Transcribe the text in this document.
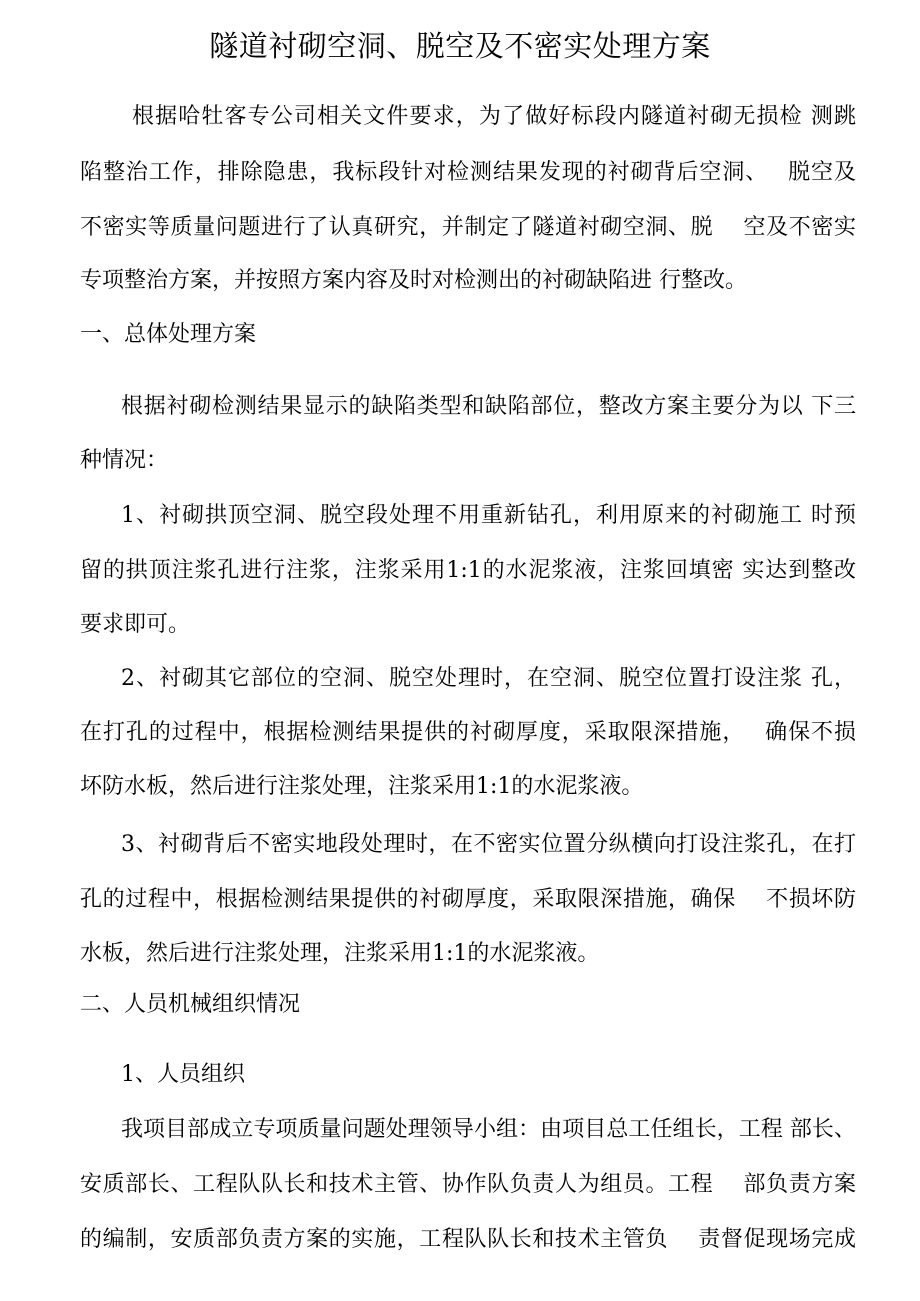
隧道衬砌空洞、脱空及不密实处理方案
根据哈牡客专公司相关文件要求，为了做好标段内隧道衬砌无损检 测跳
陷整治工作，排除隐患，我标段针对检测结果发现的衬砌背后空洞、　 脱空及
不密实等质量问题进行了认真研究，并制定了隧道衬砌空洞、脱　 空及不密实
专项整治方案，并按照方案内容及时对检测出的衬砌缺陷进 行整改。
一、总体处理方案
根据衬砌检测结果显示的缺陷类型和缺陷部位，整改方案主要分为以 下三
种情况：
1、衬砌拱顶空洞、脱空段处理不用重新钻孔，利用原来的衬砌施工 时预
留的拱顶注浆孔进行注浆，注浆采用1:1的水泥浆液，注浆回填密 实达到整改
要求即可。
2、衬砌其它部位的空洞、脱空处理时，在空洞、脱空位置打设注浆 孔，
在打孔的过程中，根据检测结果提供的衬砌厚度，采取限深措施，　 确保不损
坏防水板，然后进行注浆处理，注浆采用1:1的水泥浆液。
3、衬砌背后不密实地段处理时，在不密实位置分纵横向打设注浆孔，在打
孔的过程中，根据检测结果提供的衬砌厚度，采取限深措施，确保　 不损坏防
水板，然后进行注浆处理，注浆采用1:1的水泥浆液。
二、人员机械组织情况
1、人员组织
我项目部成立专项质量问题处理领导小组：由项目总工任组长，工程 部长、
安质部长、工程队队长和技术主管、协作队负责人为组员。工程　 部负责方案
的编制，安质部负责方案的实施，工程队队长和技术主管负　 责督促现场完成
